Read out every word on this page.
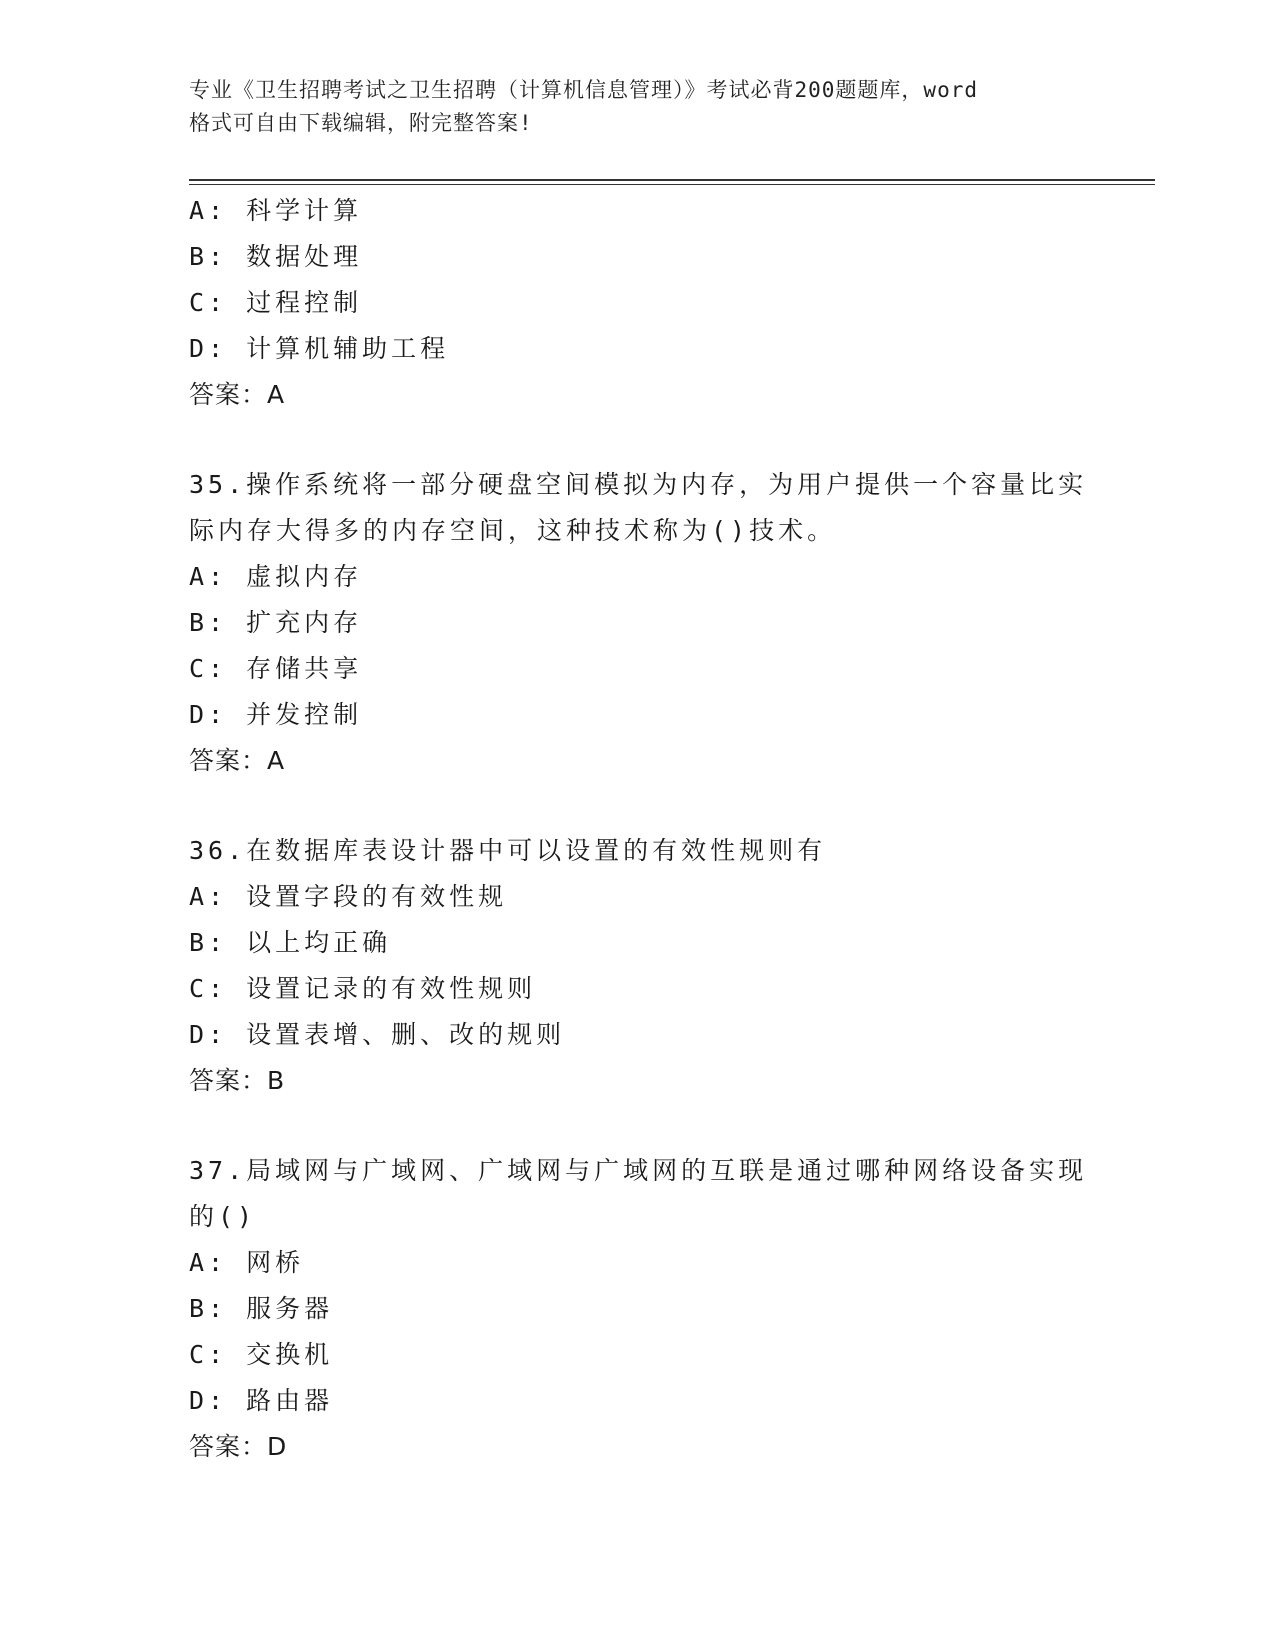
专业《卫生招聘考试之卫生招聘（计算机信息管理）》考试必背200题题库，word
格式可自由下载编辑，附完整答案!
A: 科学计算
B: 数据处理
C: 过程控制
D: 计算机辅助工程
答案：A
35.操作系统将一部分硬盘空间模拟为内存，为用户提供一个容量比实
际内存大得多的内存空间，这种技术称为()技术。
A: 虚拟内存
B: 扩充内存
C: 存储共享
D: 并发控制
答案：A
36.在数据库表设计器中可以设置的有效性规则有
A: 设置字段的有效性规
B: 以上均正确
C: 设置记录的有效性规则
D: 设置表增、删、改的规则
答案：B
37.局域网与广域网、广域网与广域网的互联是通过哪种网络设备实现
的()
A: 网桥
B: 服务器
C: 交换机
D: 路由器
答案：D
